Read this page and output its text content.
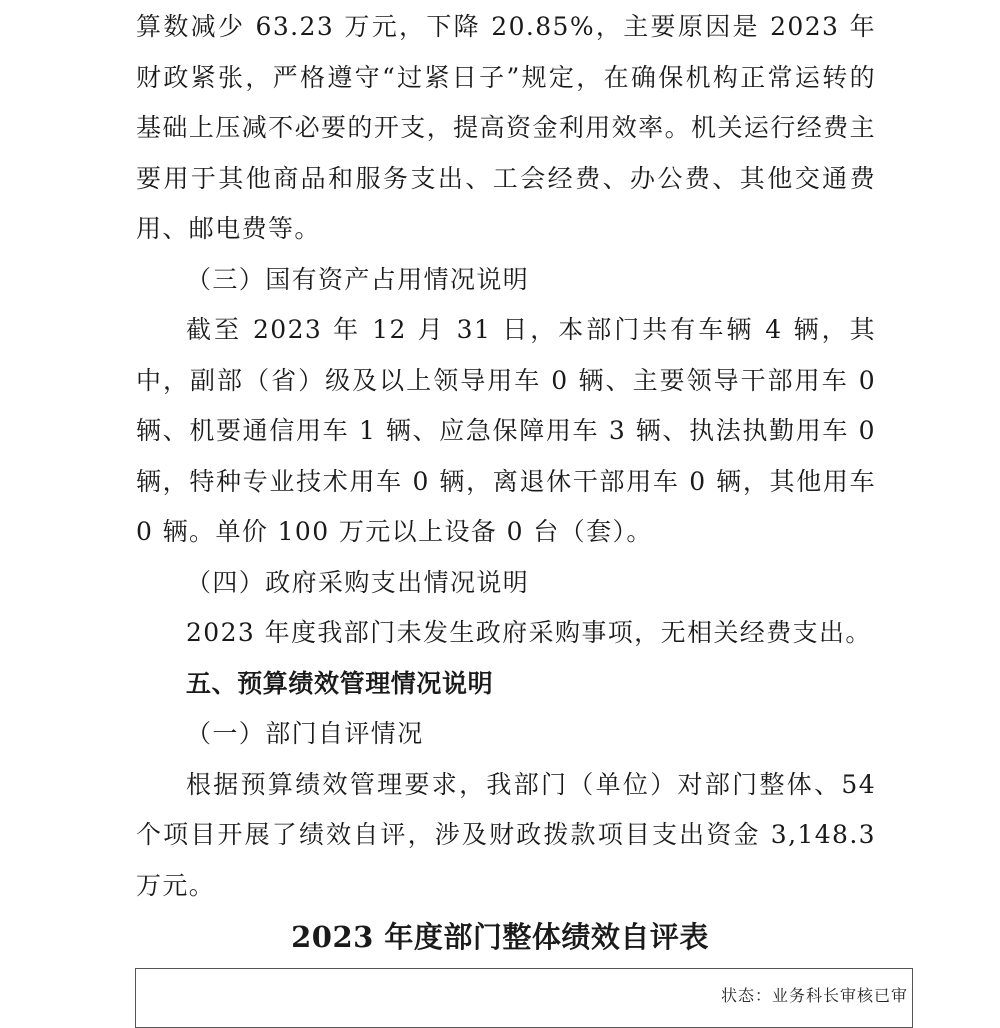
算数减少 63.23 万元，下降 20.85%，主要原因是 2023 年财政紧张，严格遵守“过紧日子”规定，在确保机构正常运转的基础上压减不必要的开支，提高资金利用效率。机关运行经费主要用于其他商品和服务支出、工会经费、办公费、其他交通费用、邮电费等。

（三）国有资产占用情况说明

截至 2023 年 12 月 31 日，本部门共有车辆 4 辆，其中，副部（省）级及以上领导用车 0 辆、主要领导干部用车 0 辆、机要通信用车 1 辆、应急保障用车 3 辆、执法执勤用车 0 辆，特种专业技术用车 0 辆，离退休干部用车 0 辆，其他用车 0 辆。单价 100 万元以上设备 0 台（套）。

（四）政府采购支出情况说明

2023 年度我部门未发生政府采购事项，无相关经费支出。

五、预算绩效管理情况说明

（一）部门自评情况

根据预算绩效管理要求，我部门（单位）对部门整体、54 个项目开展了绩效自评，涉及财政拨款项目支出资金 3,148.3 万元。

2023 年度部门整体绩效自评表
状态：业务科长审核已审
